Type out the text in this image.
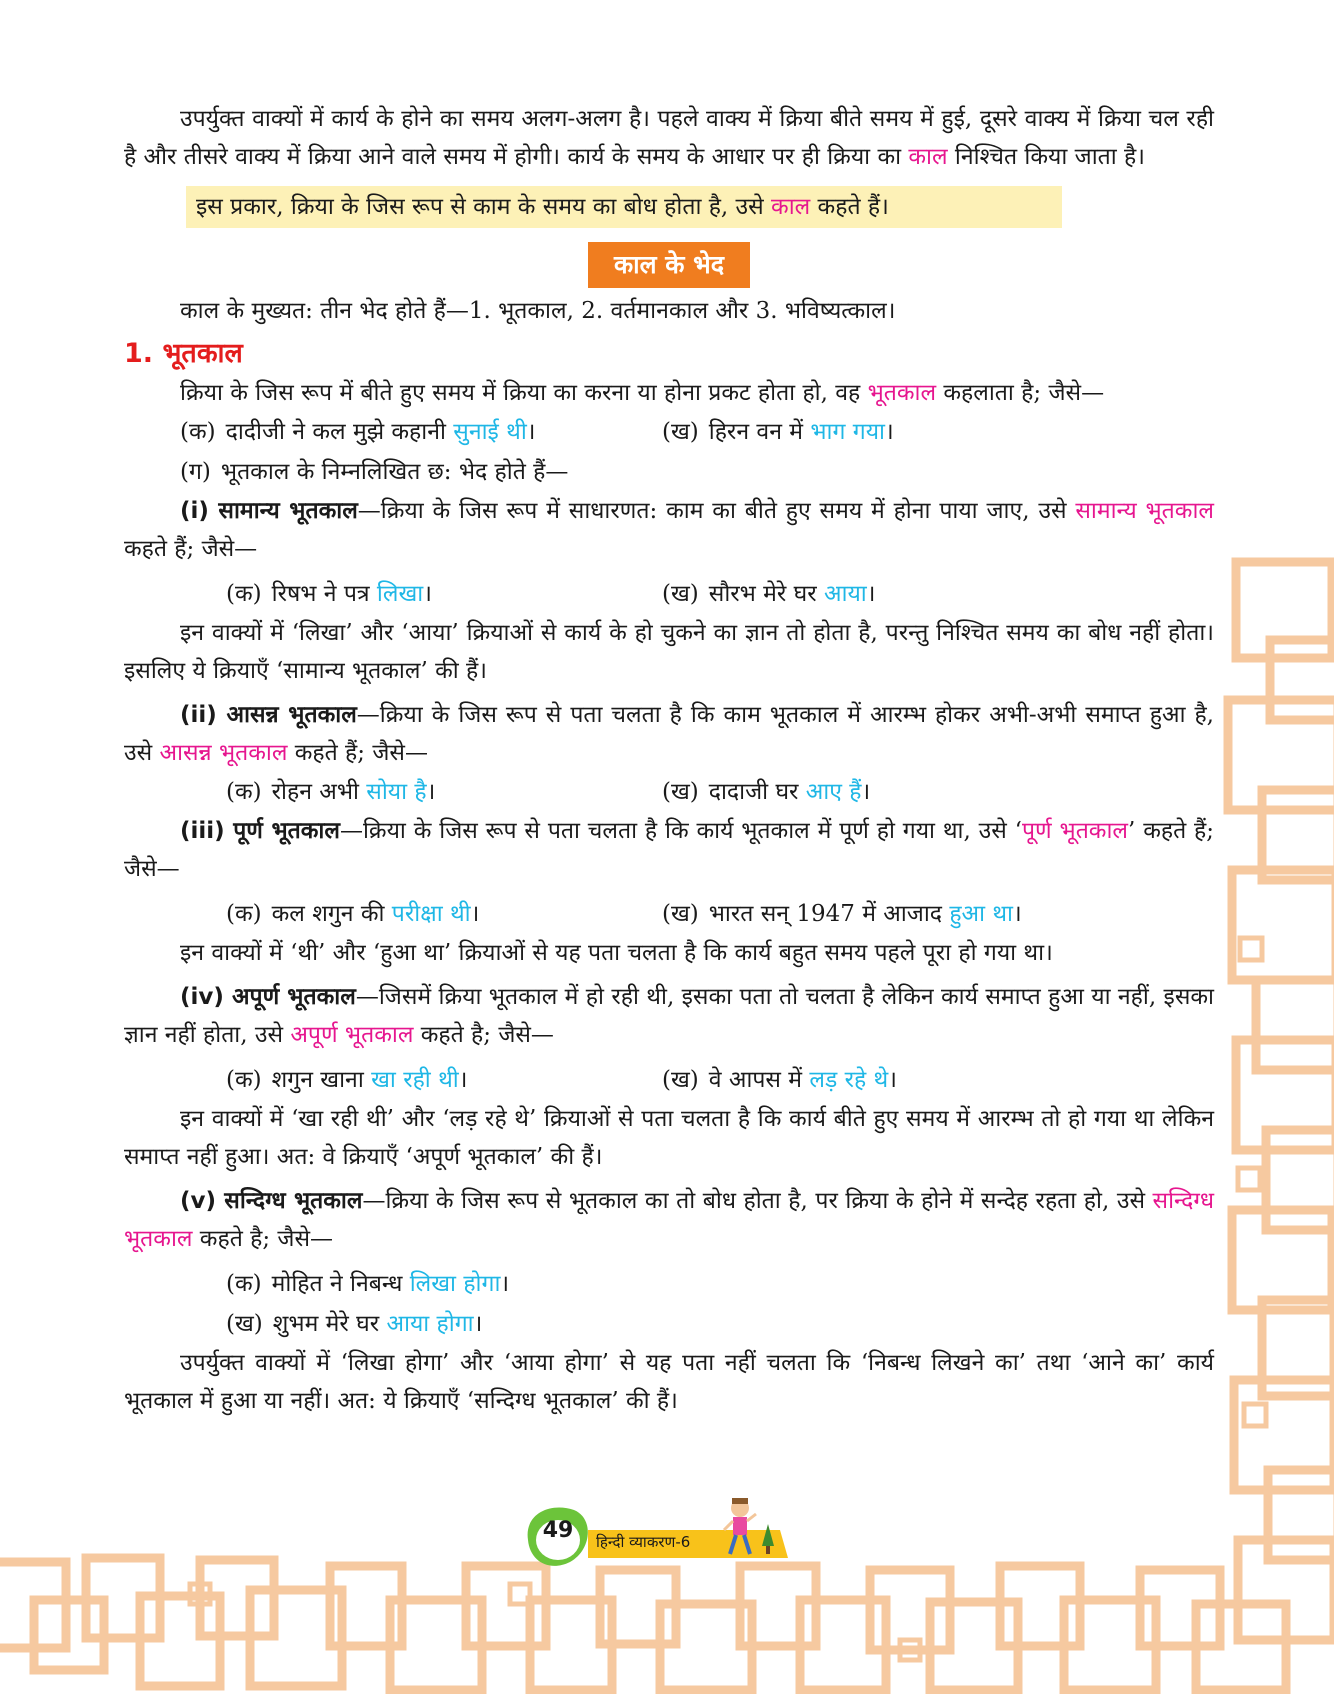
उपर्युक्त वाक्यों में कार्य के होने का समय अलग-अलग है। पहले वाक्य में क्रिया बीते समय में हुई, दूसरे वाक्य में क्रिया चल रही है और तीसरे वाक्य में क्रिया आने वाले समय में होगी। कार्य के समय के आधार पर ही क्रिया का काल निश्चित किया जाता है।

इस प्रकार, क्रिया के जिस रूप से काम के समय का बोध होता है, उसे काल कहते हैं।
काल के भेद

काल के मुख्यत: तीन भेद होते हैं—1. भूतकाल, 2. वर्तमानकाल और 3. भविष्यत्काल।

1. भूतकाल

क्रिया के जिस रूप में बीते हुए समय में क्रिया का करना या होना प्रकट होता हो, वह भूतकाल कहलाता है; जैसे—

(क) दादीजी ने कल मुझे कहानी सुनाई थी।	(ख) हिरन वन में भाग गया।
(ग) भूतकाल के निम्नलिखित छ: भेद होते हैं—

(i) सामान्य भूतकाल—क्रिया के जिस रूप में साधारणत: काम का बीते हुए समय में होना पाया जाए, उसे सामान्य भूतकाल कहते हैं; जैसे—

(क) रिषभ ने पत्र लिखा।	(ख) सौरभ मेरे घर आया।

इन वाक्यों में ‘लिखा’ और ‘आया’ क्रियाओं से कार्य के हो चुकने का ज्ञान तो होता है, परन्तु निश्चित समय का बोध नहीं होता। इसलिए ये क्रियाएँ ‘सामान्य भूतकाल’ की हैं।

(ii) आसन्न भूतकाल—क्रिया के जिस रूप से पता चलता है कि काम भूतकाल में आरम्भ होकर अभी-अभी समाप्त हुआ है, उसे आसन्न भूतकाल कहते हैं; जैसे—

(क) रोहन अभी सोया है।	(ख) दादाजी घर आए हैं।

(iii) पूर्ण भूतकाल—क्रिया के जिस रूप से पता चलता है कि कार्य भूतकाल में पूर्ण हो गया था, उसे ‘पूर्ण भूतकाल’ कहते हैं; जैसे—

(क) कल शगुन की परीक्षा थी।	(ख) भारत सन् 1947 में आजाद हुआ था।

इन वाक्यों में ‘थी’ और ‘हुआ था’ क्रियाओं से यह पता चलता है कि कार्य बहुत समय पहले पूरा हो गया था।

(iv) अपूर्ण भूतकाल—जिसमें क्रिया भूतकाल में हो रही थी, इसका पता तो चलता है लेकिन कार्य समाप्त हुआ या नहीं, इसका ज्ञान नहीं होता, उसे अपूर्ण भूतकाल कहते है; जैसे—

(क) शगुन खाना खा रही थी।	(ख) वे आपस में लड़ रहे थे।

इन वाक्यों में ‘खा रही थी’ और ‘लड़ रहे थे’ क्रियाओं से पता चलता है कि कार्य बीते हुए समय में आरम्भ तो हो गया था लेकिन समाप्त नहीं हुआ। अत: वे क्रियाएँ ‘अपूर्ण भूतकाल’ की हैं।

(v) सन्दिग्ध भूतकाल—क्रिया के जिस रूप से भूतकाल का तो बोध होता है, पर क्रिया के होने में सन्देह रहता हो, उसे सन्दिग्ध भूतकाल कहते है; जैसे—

(क) मोहित ने निबन्ध लिखा होगा।
(ख) शुभम मेरे घर आया होगा।

उपर्युक्त वाक्यों में ‘लिखा होगा’ और ‘आया होगा’ से यह पता नहीं चलता कि ‘निबन्ध लिखने का’ तथा ‘आने का’ कार्य भूतकाल में हुआ या नहीं। अत: ये क्रियाएँ ‘सन्दिग्ध भूतकाल’ की हैं।

49	हिन्दी व्याकरण-6
